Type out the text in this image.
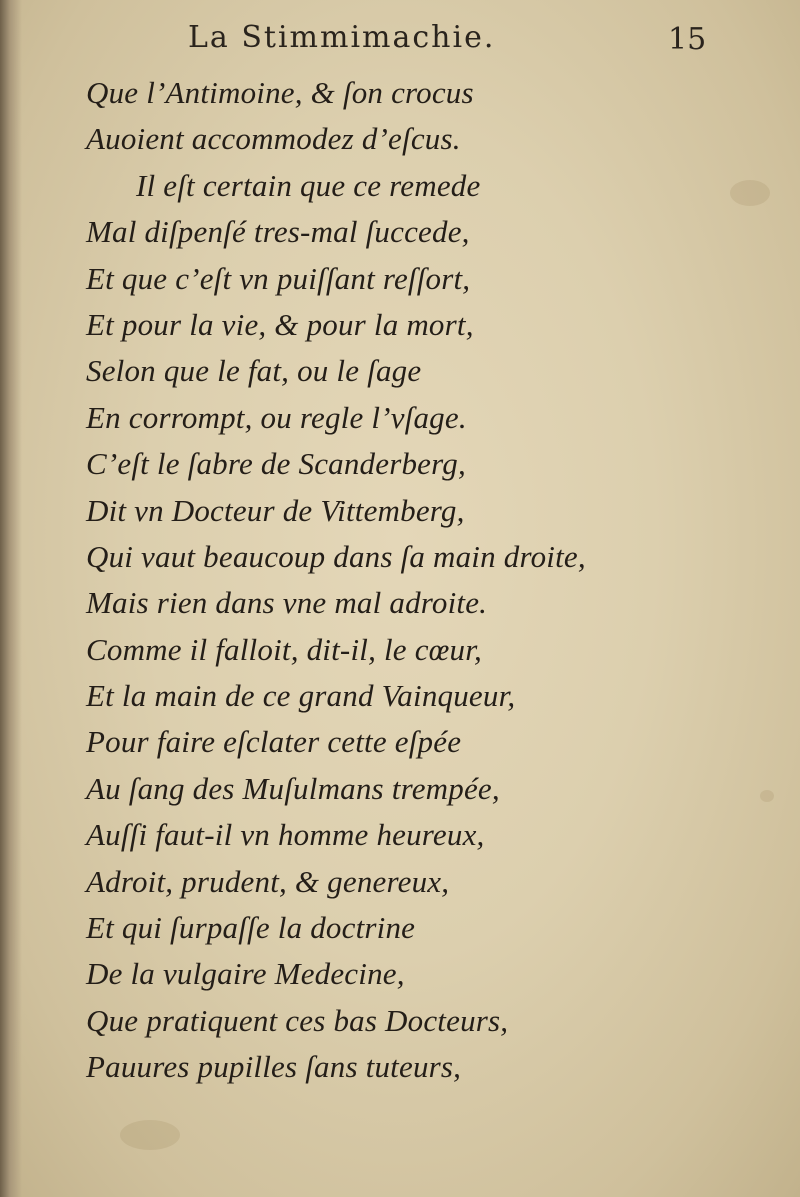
La Stimmimachie.	15
Que l’Antimoine, & ſon crocus
Auoient accommodez d’eſcus.
Il eſt certain que ce remede
Mal diſpenſé tres-mal ſuccede,
Et que c’eſt vn puiſſant reſſort,
Et pour la vie, & pour la mort,
Selon que le fat, ou le ſage
En corrompt, ou regle l’vſage.
C’eſt le ſabre de Scanderberg,
Dit vn Docteur de Vittemberg,
Qui vaut beaucoup dans ſa main droite,
Mais rien dans vne mal adroite.
Comme il falloit, dit-il, le cœur,
Et la main de ce grand Vainqueur,
Pour faire eſclater cette eſpée
Au ſang des Muſulmans trempée,
Auſſi faut-il vn homme heureux,
Adroit, prudent, & genereux,
Et qui ſurpaſſe la doctrine
De la vulgaire Medecine,
Que pratiquent ces bas Docteurs,
Pauures pupilles ſans tuteurs,
